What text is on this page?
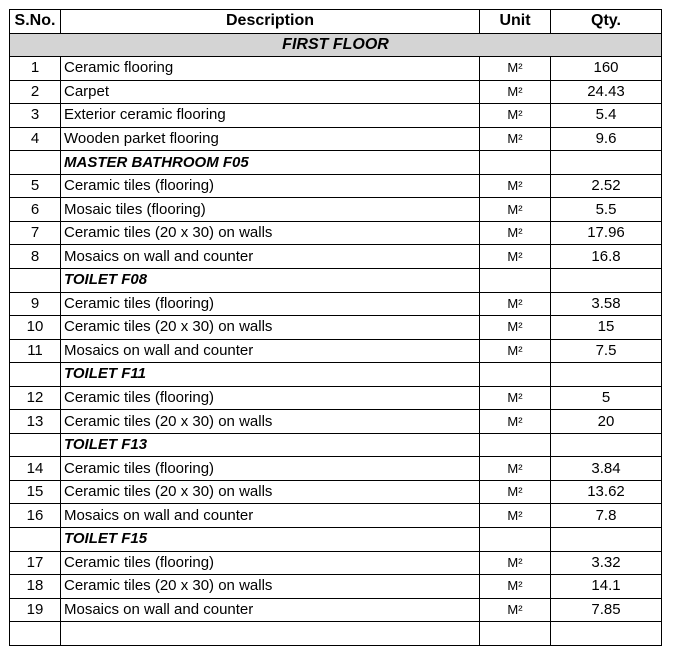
S.No.	Description	Unit	Qty.
FIRST FLOOR			
1	Ceramic flooring	M²	160
2	Carpet	M²	24.43
3	Exterior ceramic flooring	M²	5.4
4	Wooden parket flooring	M²	9.6
	MASTER BATHROOM F05		
5	Ceramic tiles (flooring)	M²	2.52
6	Mosaic tiles (flooring)	M²	5.5
7	Ceramic tiles (20 x 30) on walls	M²	17.96
8	Mosaics on wall and counter	M²	16.8
	TOILET F08		
9	Ceramic tiles (flooring)	M²	3.58
10	Ceramic tiles (20 x 30) on walls	M²	15
11	Mosaics on wall and counter	M²	7.5
	TOILET F11		
12	Ceramic tiles (flooring)	M²	5
13	Ceramic tiles (20 x 30) on walls	M²	20
	TOILET F13		
14	Ceramic tiles (flooring)	M²	3.84
15	Ceramic tiles (20 x 30) on walls	M²	13.62
16	Mosaics on wall and counter	M²	7.8
	TOILET F15		
17	Ceramic tiles (flooring)	M²	3.32
18	Ceramic tiles (20 x 30) on walls	M²	14.1
19	Mosaics on wall and counter	M²	7.85
